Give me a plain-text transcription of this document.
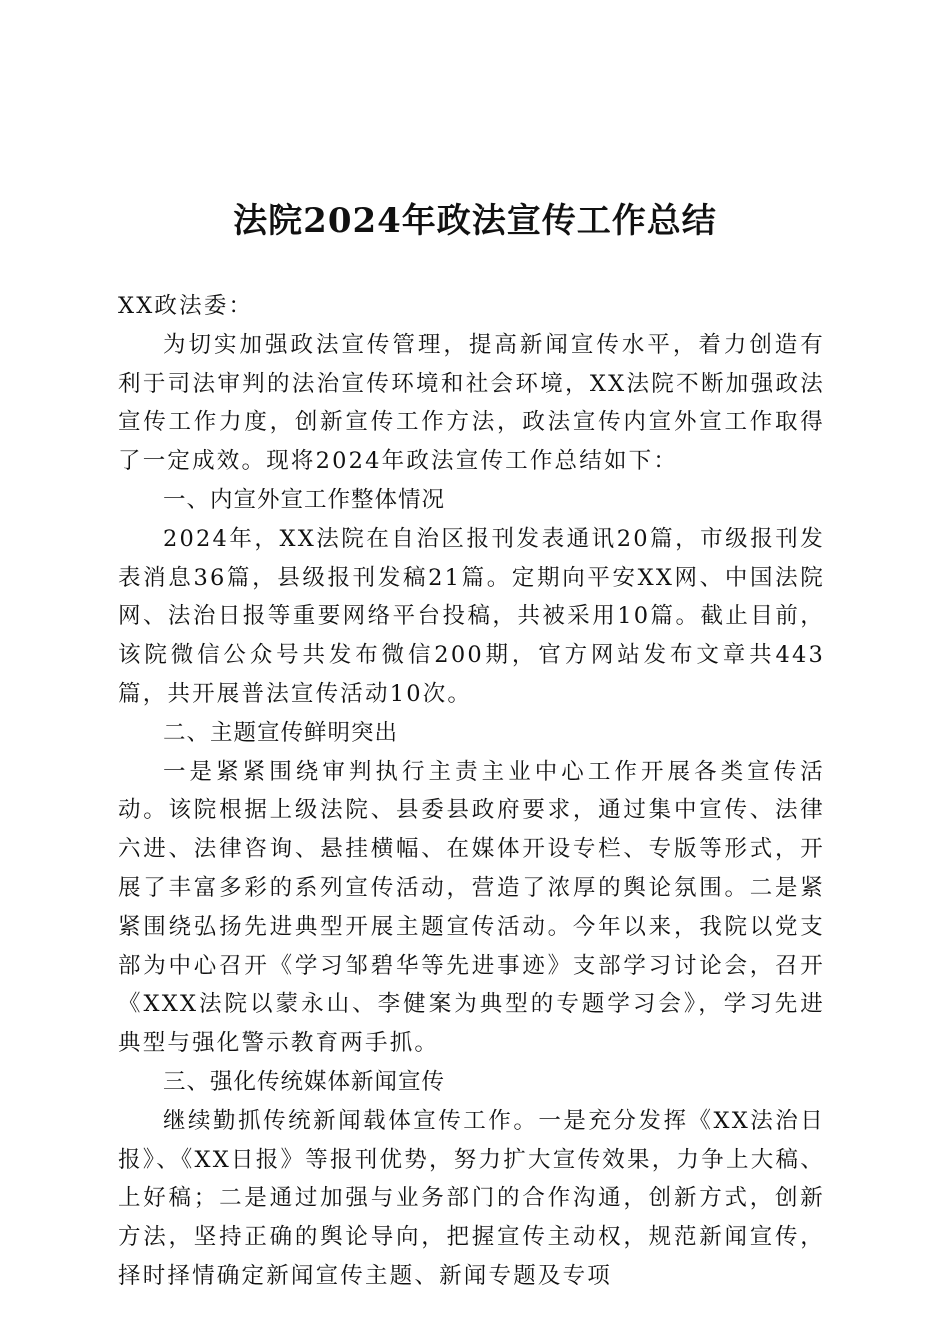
法院2024年政法宣传工作总结

XX政法委：

为切实加强政法宣传管理，提高新闻宣传水平，着力创造有利于司法审判的法治宣传环境和社会环境，XX法院不断加强政法宣传工作力度，创新宣传工作方法，政法宣传内宣外宣工作取得了一定成效。现将2024年政法宣传工作总结如下：

一、内宣外宣工作整体情况

2024年，XX法院在自治区报刊发表通讯20篇，市级报刊发表消息36篇，县级报刊发稿21篇。定期向平安XX网、中国法院网、法治日报等重要网络平台投稿，共被采用10篇。截止目前，该院微信公众号共发布微信200期，官方网站发布文章共443篇，共开展普法宣传活动10次。

二、主题宣传鲜明突出

一是紧紧围绕审判执行主责主业中心工作开展各类宣传活动。该院根据上级法院、县委县政府要求，通过集中宣传、法律六进、法律咨询、悬挂横幅、在媒体开设专栏、专版等形式，开展了丰富多彩的系列宣传活动，营造了浓厚的舆论氛围。二是紧紧围绕弘扬先进典型开展主题宣传活动。今年以来，我院以党支部为中心召开《学习邹碧华等先进事迹》支部学习讨论会，召开《XXX法院以蒙永山、李健案为典型的专题学习会》，学习先进典型与强化警示教育两手抓。

三、强化传统媒体新闻宣传

继续勤抓传统新闻载体宣传工作。一是充分发挥《XX法治日报》、《XX日报》等报刊优势，努力扩大宣传效果，力争上大稿、上好稿；二是通过加强与业务部门的合作沟通，创新方式，创新方法，坚持正确的舆论导向，把握宣传主动权，规范新闻宣传，择时择情确定新闻宣传主题、新闻专题及专项
